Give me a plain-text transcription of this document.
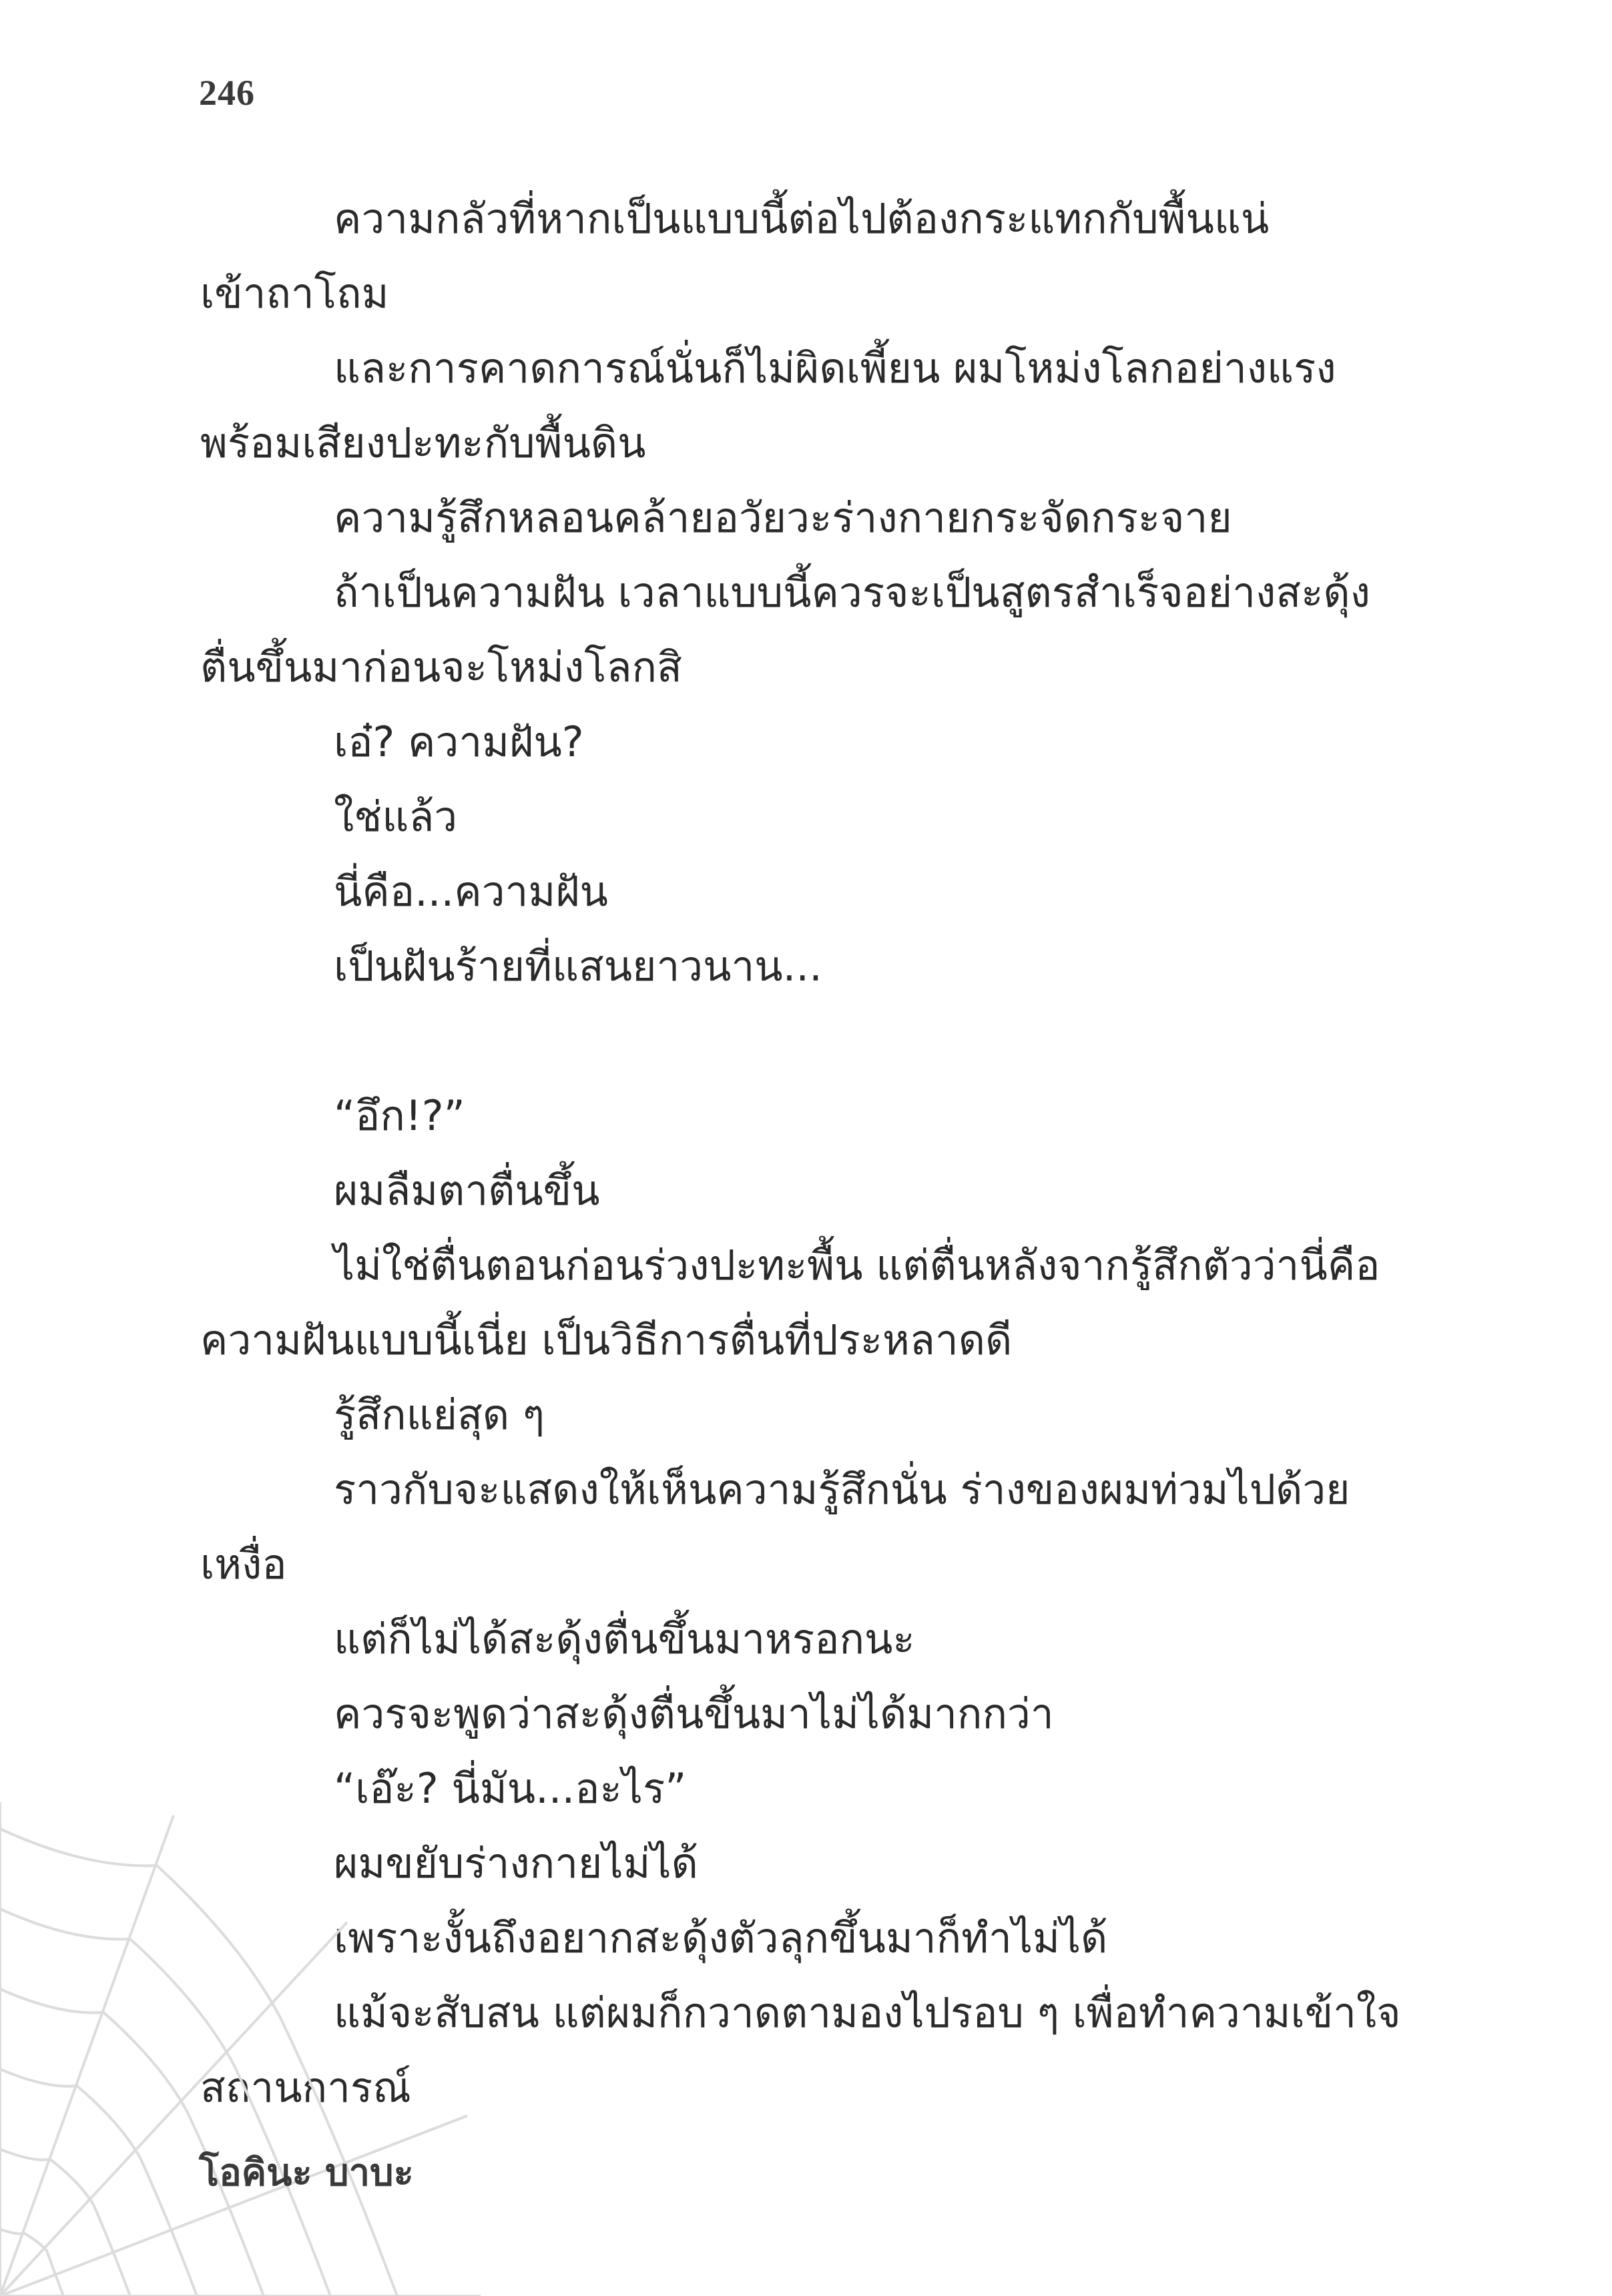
246
ความกลัวที่หากเป็นแบบนี้ต่อไปต้องกระแทกกับพื้นแน่
เข้าถาโถม
และการคาดการณ์นั่นก็ไม่ผิดเพี้ยน ผมโหม่งโลกอย่างแรง
พร้อมเสียงปะทะกับพื้นดิน
ความรู้สึกหลอนคล้ายอวัยวะร่างกายกระจัดกระจาย
ถ้าเป็นความฝัน เวลาแบบนี้ควรจะเป็นสูตรสำเร็จอย่างสะดุ้ง
ตื่นขึ้นมาก่อนจะโหม่งโลกสิ
เอ๋? ความฝัน?
ใช่แล้ว
นี่คือ...ความฝัน
เป็นฝันร้ายที่แสนยาวนาน...
“อึก!?”
ผมลืมตาตื่นขึ้น
ไม่ใช่ตื่นตอนก่อนร่วงปะทะพื้น แต่ตื่นหลังจากรู้สึกตัวว่านี่คือ
ความฝันแบบนี้เนี่ย เป็นวิธีการตื่นที่ประหลาดดี
รู้สึกแย่สุด ๆ
ราวกับจะแสดงให้เห็นความรู้สึกนั่น ร่างของผมท่วมไปด้วย
เหงื่อ
แต่ก็ไม่ได้สะดุ้งตื่นขึ้นมาหรอกนะ
ควรจะพูดว่าสะดุ้งตื่นขึ้นมาไม่ได้มากกว่า
“เอ๊ะ? นี่มัน...อะไร”
ผมขยับร่างกายไม่ได้
เพราะงั้นถึงอยากสะดุ้งตัวลุกขึ้นมาก็ทำไม่ได้
แม้จะสับสน แต่ผมก็กวาดตามองไปรอบ ๆ เพื่อทำความเข้าใจ
สถานการณ์
โอคินะ บาบะ
